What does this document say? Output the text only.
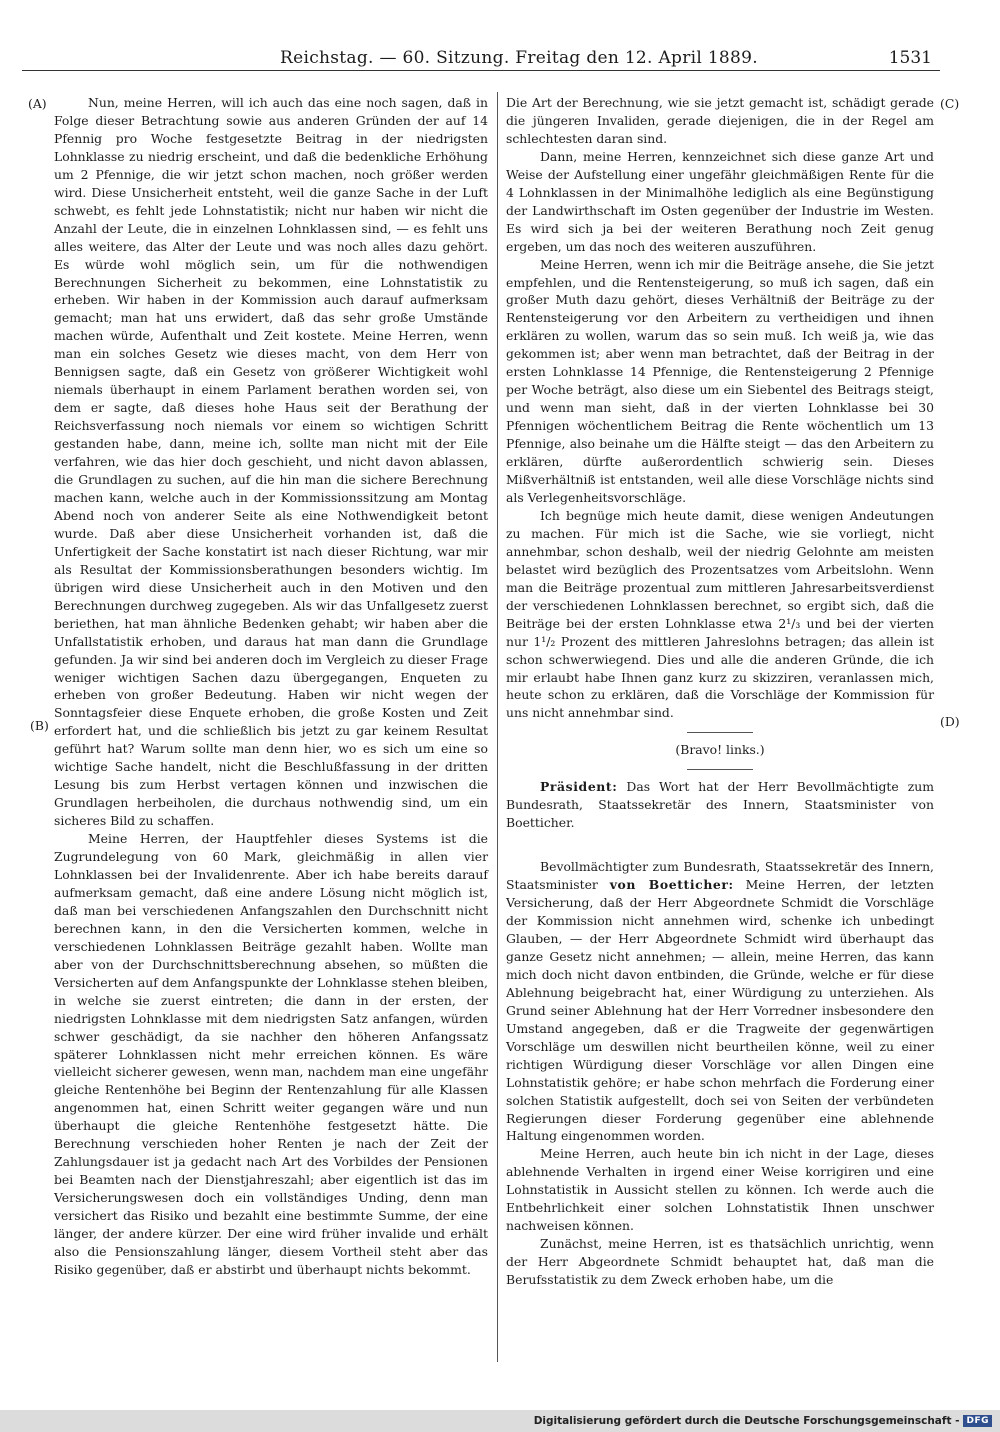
Reichstag. — 60. Sitzung. Freitag den 12. April 1889.	1531
(A)
(B)
(C)
(D)

Nun, meine Herren, will ich auch das eine noch sagen, daß in Folge dieser Betrachtung sowie aus anderen Gründen der auf 14 Pfennig pro Woche festgesetzte Beitrag in der niedrigsten Lohnklasse zu niedrig erscheint, und daß die bedenkliche Erhöhung um 2 Pfennige, die wir jetzt schon machen, noch größer werden wird. Diese Unsicherheit entsteht, weil die ganze Sache in der Luft schwebt, es fehlt jede Lohnstatistik; nicht nur haben wir nicht die Anzahl der Leute, die in einzelnen Lohnklassen sind, — es fehlt uns alles weitere, das Alter der Leute und was noch alles dazu gehört. Es würde wohl möglich sein, um für die nothwendigen Berechnungen Sicherheit zu bekommen, eine Lohnstatistik zu erheben. Wir haben in der Kommission auch darauf aufmerksam gemacht; man hat uns erwidert, daß das sehr große Umstände machen würde, Aufenthalt und Zeit kostete. Meine Herren, wenn man ein solches Gesetz wie dieses macht, von dem Herr von Bennigsen sagte, daß ein Gesetz von größerer Wichtigkeit wohl niemals überhaupt in einem Parlament berathen worden sei, von dem er sagte, daß dieses hohe Haus seit der Berathung der Reichsverfassung noch niemals vor einem so wichtigen Schritt gestanden habe, dann, meine ich, sollte man nicht mit der Eile verfahren, wie das hier doch geschieht, und nicht davon ablassen, die Grundlagen zu suchen, auf die hin man die sichere Berechnung machen kann, welche auch in der Kommissionssitzung am Montag Abend noch von anderer Seite als eine Nothwendigkeit betont wurde. Daß aber diese Unsicherheit vorhanden ist, daß die Unfertigkeit der Sache konstatirt ist nach dieser Richtung, war mir als Resultat der Kommissionsberathungen besonders wichtig. Im übrigen wird diese Unsicherheit auch in den Motiven und den Berechnungen durchweg zugegeben. Als wir das Unfallgesetz zuerst beriethen, hat man ähnliche Bedenken gehabt; wir haben aber die Unfallstatistik erhoben, und daraus hat man dann die Grundlage gefunden. Ja wir sind bei anderen doch im Vergleich zu dieser Frage weniger wichtigen Sachen dazu übergegangen, Enqueten zu erheben von großer Bedeutung. Haben wir nicht wegen der Sonntagsfeier diese Enquete erhoben, die große Kosten und Zeit erfordert hat, und die schließlich bis jetzt zu gar keinem Resultat geführt hat? Warum sollte man denn hier, wo es sich um eine so wichtige Sache handelt, nicht die Beschlußfassung in der dritten Lesung bis zum Herbst vertagen können und inzwischen die Grundlagen herbeiholen, die durchaus nothwendig sind, um ein sicheres Bild zu schaffen.

Meine Herren, der Hauptfehler dieses Systems ist die Zugrundelegung von 60 Mark, gleichmäßig in allen vier Lohnklassen bei der Invalidenrente. Aber ich habe bereits darauf aufmerksam gemacht, daß eine andere Lösung nicht möglich ist, daß man bei verschiedenen Anfangszahlen den Durchschnitt nicht berechnen kann, in den die Versicherten kommen, welche in verschiedenen Lohnklassen Beiträge gezahlt haben. Wollte man aber von der Durchschnittsberechnung absehen, so müßten die Versicherten auf dem Anfangspunkte der Lohnklasse stehen bleiben, in welche sie zuerst eintreten; die dann in der ersten, der niedrigsten Lohnklasse mit dem niedrigsten Satz anfangen, würden schwer geschädigt, da sie nachher den höheren Anfangssatz späterer Lohnklassen nicht mehr erreichen können. Es wäre vielleicht sicherer gewesen, wenn man, nachdem man eine ungefähr gleiche Rentenhöhe bei Beginn der Rentenzahlung für alle Klassen angenommen hat, einen Schritt weiter gegangen wäre und nun überhaupt die gleiche Rentenhöhe festgesetzt hätte. Die Berechnung verschieden hoher Renten je nach der Zeit der Zahlungsdauer ist ja gedacht nach Art des Vorbildes der Pensionen bei Beamten nach der Dienstjahreszahl; aber eigentlich ist das im Versicherungswesen doch ein vollständiges Unding, denn man versichert das Risiko und bezahlt eine bestimmte Summe, der eine länger, der andere kürzer. Der eine wird früher invalide und erhält also die Pensionszahlung länger, diesem Vortheil steht aber das Risiko gegenüber, daß er abstirbt und überhaupt nichts bekommt.

Die Art der Berechnung, wie sie jetzt gemacht ist, schädigt gerade die jüngeren Invaliden, gerade diejenigen, die in der Regel am schlechtesten daran sind.

Dann, meine Herren, kennzeichnet sich diese ganze Art und Weise der Aufstellung einer ungefähr gleichmäßigen Rente für die 4 Lohnklassen in der Minimalhöhe lediglich als eine Begünstigung der Landwirthschaft im Osten gegenüber der Industrie im Westen. Es wird sich ja bei der weiteren Berathung noch Zeit genug ergeben, um das noch des weiteren auszuführen.

Meine Herren, wenn ich mir die Beiträge ansehe, die Sie jetzt empfehlen, und die Rentensteigerung, so muß ich sagen, daß ein großer Muth dazu gehört, dieses Verhältniß der Beiträge zu der Rentensteigerung vor den Arbeitern zu vertheidigen und ihnen erklären zu wollen, warum das so sein muß. Ich weiß ja, wie das gekommen ist; aber wenn man betrachtet, daß der Beitrag in der ersten Lohnklasse 14 Pfennige, die Rentensteigerung 2 Pfennige per Woche beträgt, also diese um ein Siebentel des Beitrags steigt, und wenn man sieht, daß in der vierten Lohnklasse bei 30 Pfennigen wöchentlichem Beitrag die Rente wöchentlich um 13 Pfennige, also beinahe um die Hälfte steigt — das den Arbeitern zu erklären, dürfte außerordentlich schwierig sein. Dieses Mißverhältniß ist entstanden, weil alle diese Vorschläge nichts sind als Verlegenheitsvorschläge.

Ich begnüge mich heute damit, diese wenigen Andeutungen zu machen. Für mich ist die Sache, wie sie vorliegt, nicht annehmbar, schon deshalb, weil der niedrig Gelohnte am meisten belastet wird bezüglich des Prozentsatzes vom Arbeitslohn. Wenn man die Beiträge prozentual zum mittleren Jahresarbeitsverdienst der verschiedenen Lohnklassen berechnet, so ergibt sich, daß die Beiträge bei der ersten Lohnklasse etwa 2¹/₃ und bei der vierten nur 1¹/₂ Prozent des mittleren Jahreslohns betragen; das allein ist schon schwerwiegend. Dies und alle die anderen Gründe, die ich mir erlaubt habe Ihnen ganz kurz zu skizziren, veranlassen mich, heute schon zu erklären, daß die Vorschläge der Kommission für uns nicht annehmbar sind.

(Bravo! links.)

Präsident: Das Wort hat der Herr Bevollmächtigte zum Bundesrath, Staatssekretär des Innern, Staatsminister von Boetticher.

Bevollmächtigter zum Bundesrath, Staatssekretär des Innern, Staatsminister von Boetticher: Meine Herren, der letzten Versicherung, daß der Herr Abgeordnete Schmidt die Vorschläge der Kommission nicht annehmen wird, schenke ich unbedingt Glauben, — der Herr Abgeordnete Schmidt wird überhaupt das ganze Gesetz nicht annehmen; — allein, meine Herren, das kann mich doch nicht davon entbinden, die Gründe, welche er für diese Ablehnung beigebracht hat, einer Würdigung zu unterziehen. Als Grund seiner Ablehnung hat der Herr Vorredner insbesondere den Umstand angegeben, daß er die Tragweite der gegenwärtigen Vorschläge um deswillen nicht beurtheilen könne, weil zu einer richtigen Würdigung dieser Vorschläge vor allen Dingen eine Lohnstatistik gehöre; er habe schon mehrfach die Forderung einer solchen Statistik aufgestellt, doch sei von Seiten der verbündeten Regierungen dieser Forderung gegenüber eine ablehnende Haltung eingenommen worden.

Meine Herren, auch heute bin ich nicht in der Lage, dieses ablehnende Verhalten in irgend einer Weise korrigiren und eine Lohnstatistik in Aussicht stellen zu können. Ich werde auch die Entbehrlichkeit einer solchen Lohnstatistik Ihnen unschwer nachweisen können.

Zunächst, meine Herren, ist es thatsächlich unrichtig, wenn der Herr Abgeordnete Schmidt behauptet hat, daß man die Berufsstatistik zu dem Zweck erhoben habe, um die

Digitalisierung gefördert durch die Deutsche Forschungsgemeinschaft - DFG
